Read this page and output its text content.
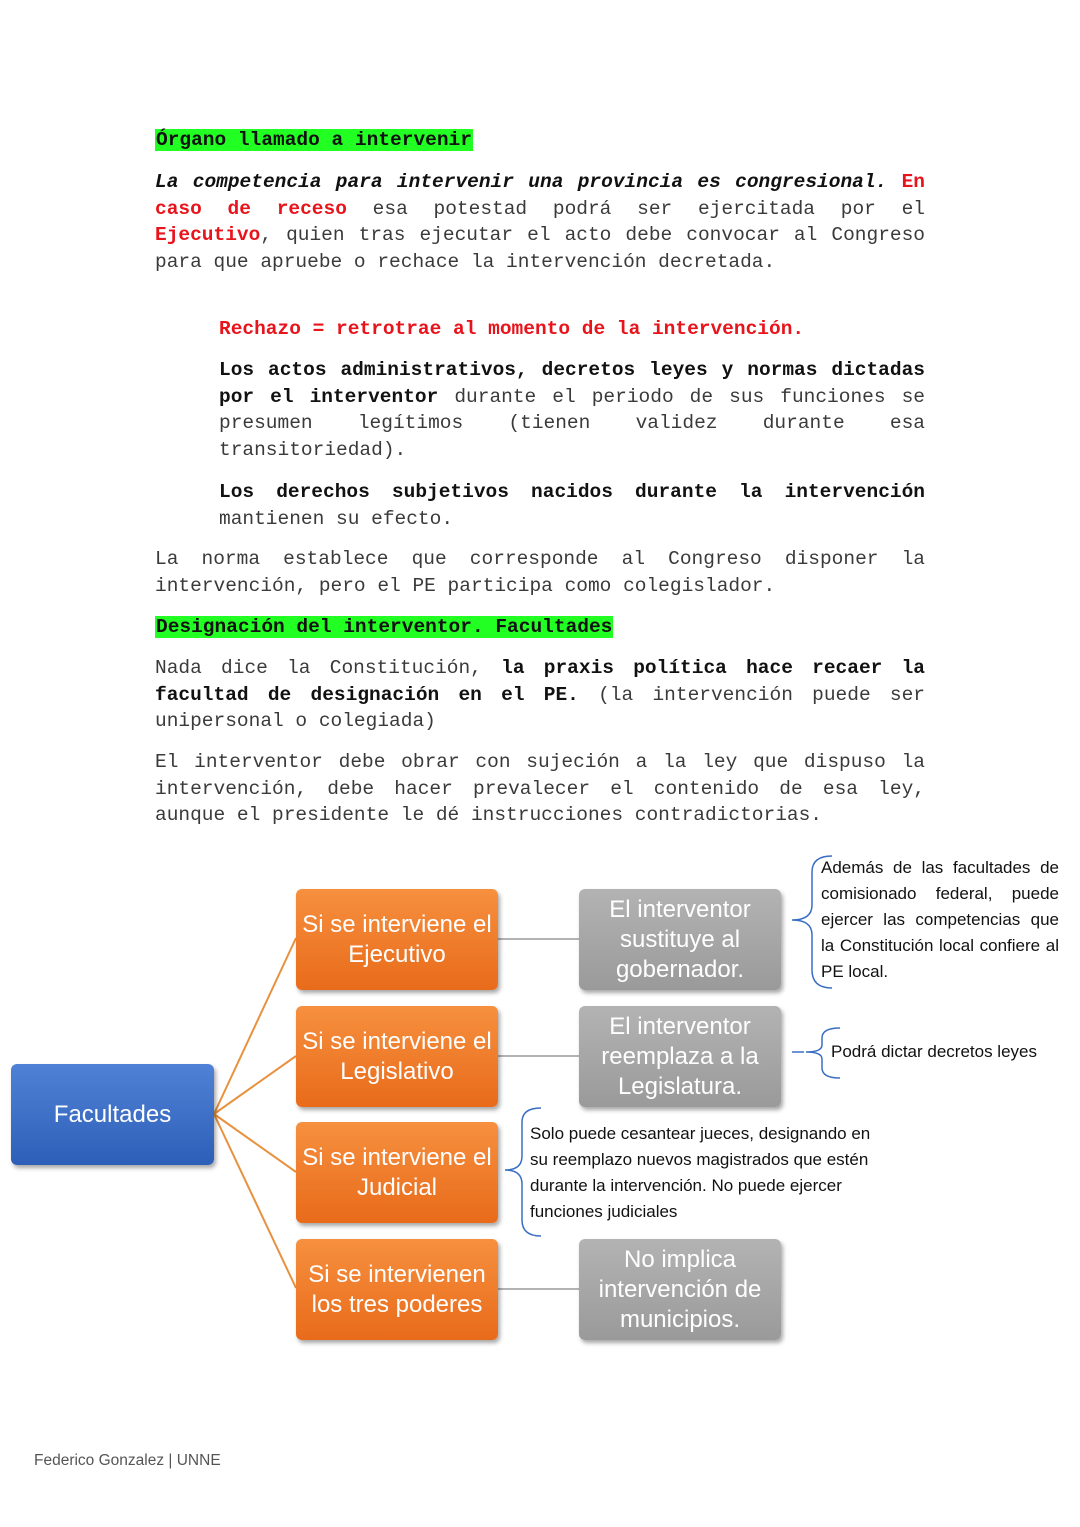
Órgano llamado a intervenir

La competencia para intervenir una provincia es congresional. En caso de receso esa potestad podrá ser ejercitada por el Ejecutivo, quien tras ejecutar el acto debe convocar al Congreso para que apruebe o rechace la intervención decretada.

Rechazo = retrotrae al momento de la intervención.

Los actos administrativos, decretos leyes y normas dictadas por el interventor durante el periodo de sus funciones se presumen legítimos (tienen validez durante esa transitoriedad).

Los derechos subjetivos nacidos durante la intervención mantienen su efecto.

La norma establece que corresponde al Congreso disponer la intervención, pero el PE participa como colegislador.

Designación del interventor. Facultades

Nada dice la Constitución, la praxis política hace recaer la facultad de designación en el PE. (la intervención puede ser unipersonal o colegiada)

El interventor debe obrar con sujeción a la ley que dispuso la intervención, debe hacer prevalecer el contenido de esa ley, aunque el presidente le dé instrucciones contradictorias.

Facultades
Si se interviene el Ejecutivo
Si se interviene el Legislativo
Si se interviene el Judicial
Si se intervienen los tres poderes
El interventor sustituye al gobernador.
El interventor reemplaza a la Legislatura.
No implica intervención de municipios.
Además de las facultades de comisionado federal, puede ejercer las competencias que la Constitución local confiere al PE local.
Podrá dictar decretos leyes
Solo puede cesantear jueces, designando en su reemplazo nuevos magistrados que estén durante la intervención. No puede ejercer funciones judiciales
Federico Gonzalez | UNNE
